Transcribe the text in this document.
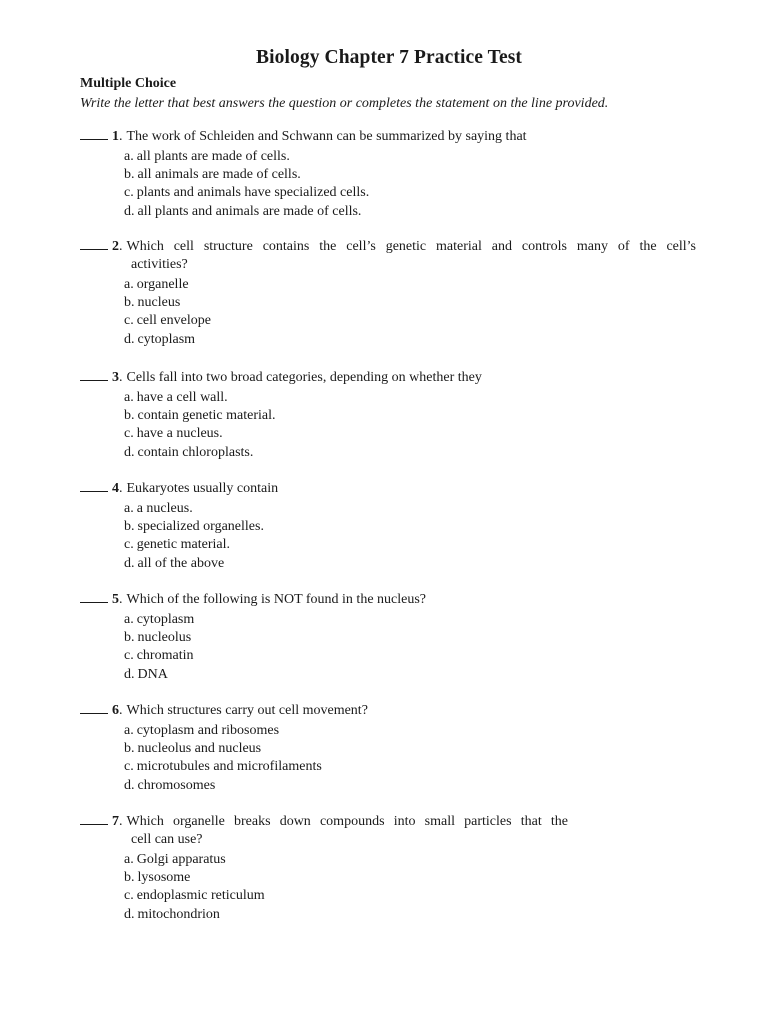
Biology Chapter 7 Practice Test
Multiple Choice
Write the letter that best answers the question or completes the statement on the line provided.
1 . The work of Schleiden and Schwann can be summarized by saying that
a. all plants are made of cells.
b. all animals are made of cells.
c. plants and animals have specialized cells.
d. all plants and animals are made of cells.
2 . Which cell structure contains the cell’s genetic material and controls many of the cell’s
activities?
a. organelle
b. nucleus
c. cell envelope
d. cytoplasm
3 . Cells fall into two broad categories, depending on whether they
a. have a cell wall.
b. contain genetic material.
c. have a nucleus.
d. contain chloroplasts.
4 . Eukaryotes usually contain
a. a nucleus.
b. specialized organelles.
c. genetic material.
d. all of the above
5 . Which of the following is NOT found in the nucleus?
a. cytoplasm
b. nucleolus
c. chromatin
d. DNA
6 . Which structures carry out cell movement?
a. cytoplasm and ribosomes
b. nucleolus and nucleus
c. microtubules and microfilaments
d. chromosomes
7 . Which organelle breaks down compounds into small particles that the
cell can use?
a. Golgi apparatus
b. lysosome
c. endoplasmic reticulum
d. mitochondrion
